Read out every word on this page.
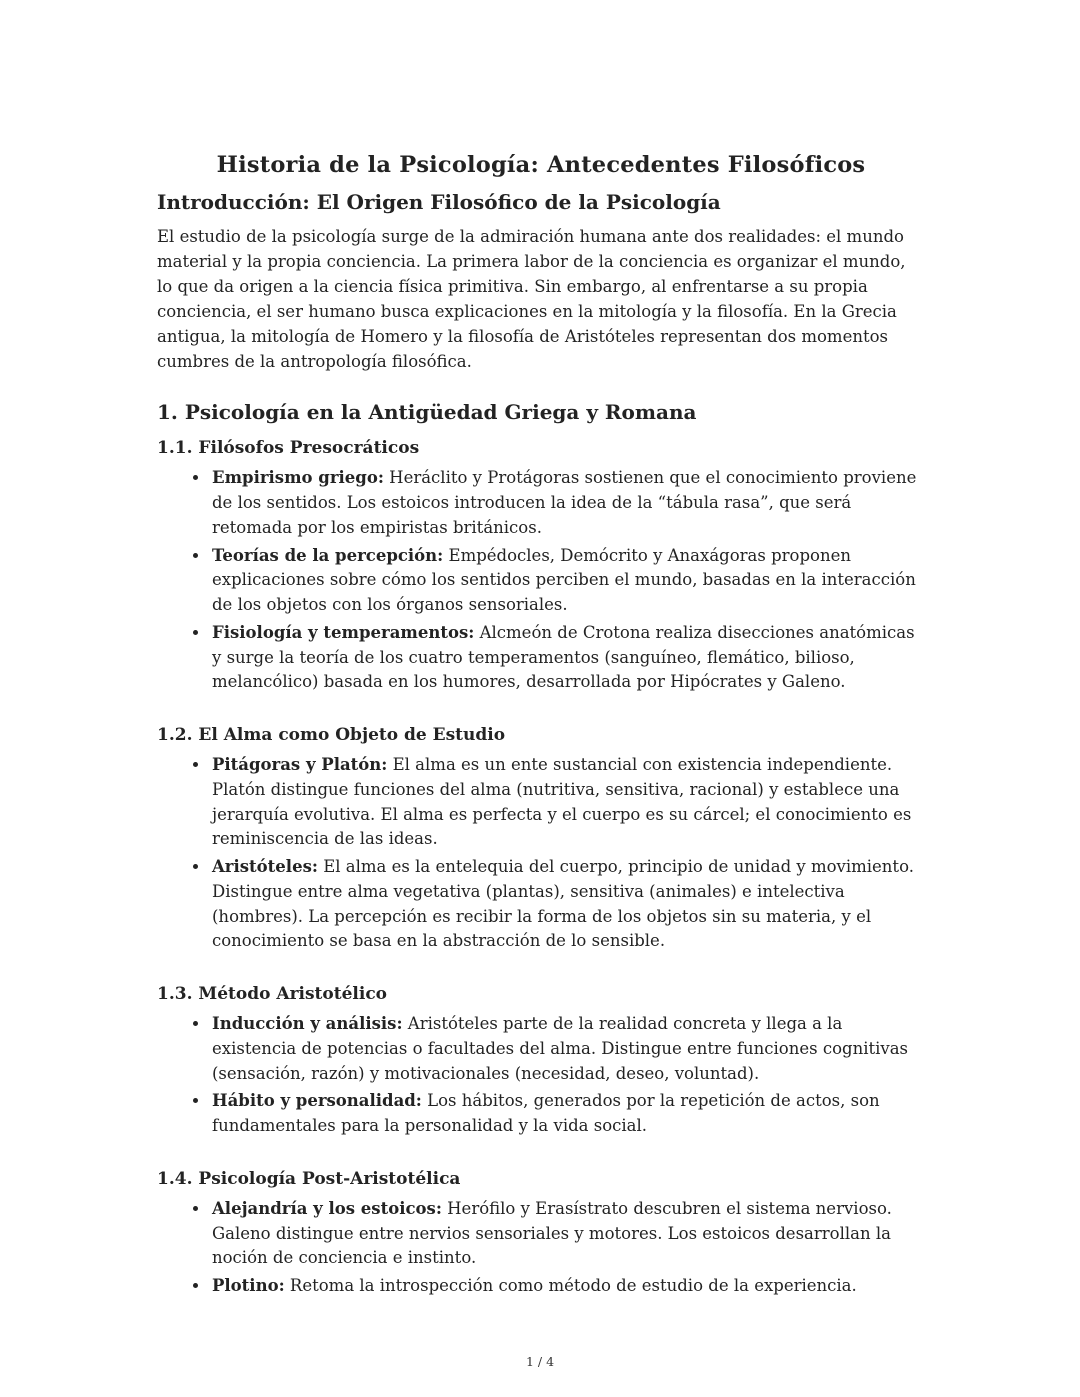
Historia de la Psicología: Antecedentes Filosóficos
Introducción: El Origen Filosófico de la Psicología

El estudio de la psicología surge de la admiración humana ante dos realidades: el mundo material y la propia conciencia. La primera labor de la conciencia es organizar el mundo, lo que da origen a la ciencia física primitiva. Sin embargo, al enfrentarse a su propia conciencia, el ser humano busca explicaciones en la mitología y la filosofía. En la Grecia antigua, la mitología de Homero y la filosofía de Aristóteles representan dos momentos cumbres de la antropología filosófica.

1. Psicología en la Antigüedad Griega y Romana
1.1. Filósofos Presocráticos
• Empirismo griego: Heráclito y Protágoras sostienen que el conocimiento proviene de los sentidos. Los estoicos introducen la idea de la “tábula rasa”, que será retomada por los empiristas británicos.
• Teorías de la percepción: Empédocles, Demócrito y Anaxágoras proponen explicaciones sobre cómo los sentidos perciben el mundo, basadas en la interacción de los objetos con los órganos sensoriales.
• Fisiología y temperamentos: Alcmeón de Crotona realiza disecciones anatómicas y surge la teoría de los cuatro temperamentos (sanguíneo, flemático, bilioso, melancólico) basada en los humores, desarrollada por Hipócrates y Galeno.
1.2. El Alma como Objeto de Estudio
• Pitágoras y Platón: El alma es un ente sustancial con existencia independiente. Platón distingue funciones del alma (nutritiva, sensitiva, racional) y establece una jerarquía evolutiva. El alma es perfecta y el cuerpo es su cárcel; el conocimiento es reminiscencia de las ideas.
• Aristóteles: El alma es la entelequia del cuerpo, principio de unidad y movimiento. Distingue entre alma vegetativa (plantas), sensitiva (animales) e intelectiva (hombres). La percepción es recibir la forma de los objetos sin su materia, y el conocimiento se basa en la abstracción de lo sensible.
1.3. Método Aristotélico
• Inducción y análisis: Aristóteles parte de la realidad concreta y llega a la existencia de potencias o facultades del alma. Distingue entre funciones cognitivas (sensación, razón) y motivacionales (necesidad, deseo, voluntad).
• Hábito y personalidad: Los hábitos, generados por la repetición de actos, son fundamentales para la personalidad y la vida social.
1.4. Psicología Post-Aristotélica
• Alejandría y los estoicos: Herófilo y Erasístrato descubren el sistema nervioso. Galeno distingue entre nervios sensoriales y motores. Los estoicos desarrollan la noción de conciencia e instinto.
• Plotino: Retoma la introspección como método de estudio de la experiencia.
1 / 4
